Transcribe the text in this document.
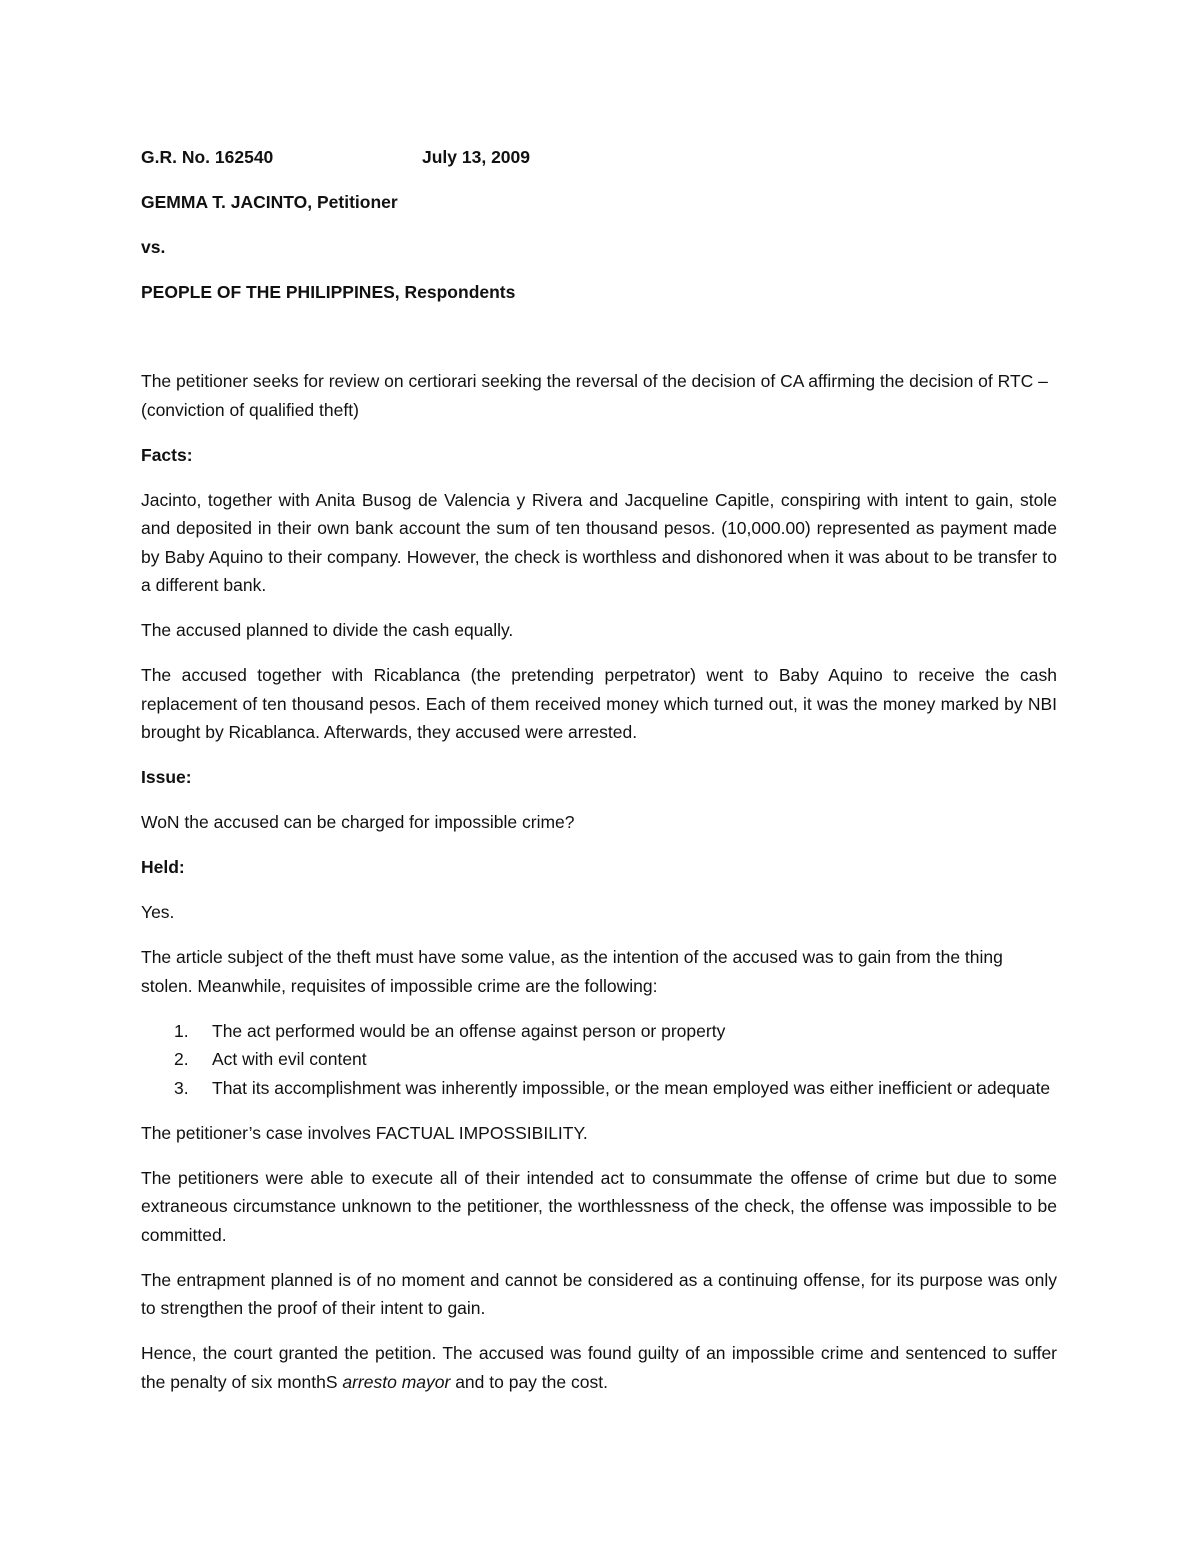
G.R. No. 162540	July 13, 2009

GEMMA T. JACINTO, Petitioner

vs.

PEOPLE OF THE PHILIPPINES, Respondents

The petitioner seeks for review on certiorari seeking the reversal of the decision of CA affirming the decision of RTC – (conviction of qualified theft)

Facts:

Jacinto, together with Anita Busog de Valencia y Rivera and Jacqueline Capitle, conspiring with intent to gain, stole and deposited in their own bank account the sum of ten thousand pesos. (10,000.00) represented as payment made by Baby Aquino to their company. However, the check is worthless and dishonored when it was about to be transfer to a different bank.

The accused planned to divide the cash equally.

The accused together with Ricablanca (the pretending perpetrator) went to Baby Aquino to receive the cash replacement of ten thousand pesos. Each of them received money which turned out, it was the money marked by NBI brought by Ricablanca. Afterwards, they accused were arrested.

Issue:

WoN the accused can be charged for impossible crime?

Held:

Yes.

The article subject of the theft must have some value, as the intention of the accused was to gain from the thing stolen. Meanwhile, requisites of impossible crime are the following:

1.	The act performed would be an offense against person or property
2.	Act with evil content
3.	That its accomplishment was inherently impossible, or the mean employed was either inefficient or adequate

The petitioner’s case involves FACTUAL IMPOSSIBILITY.

The petitioners were able to execute all of their intended act to consummate the offense of crime but due to some extraneous circumstance unknown to the petitioner, the worthlessness of the check, the offense was impossible to be committed.

The entrapment planned is of no moment and cannot be considered as a continuing offense, for its purpose was only to strengthen the proof of their intent to gain.

Hence, the court granted the petition. The accused was found guilty of an impossible crime and sentenced to suffer the penalty of six monthS arresto mayor and to pay the cost.
